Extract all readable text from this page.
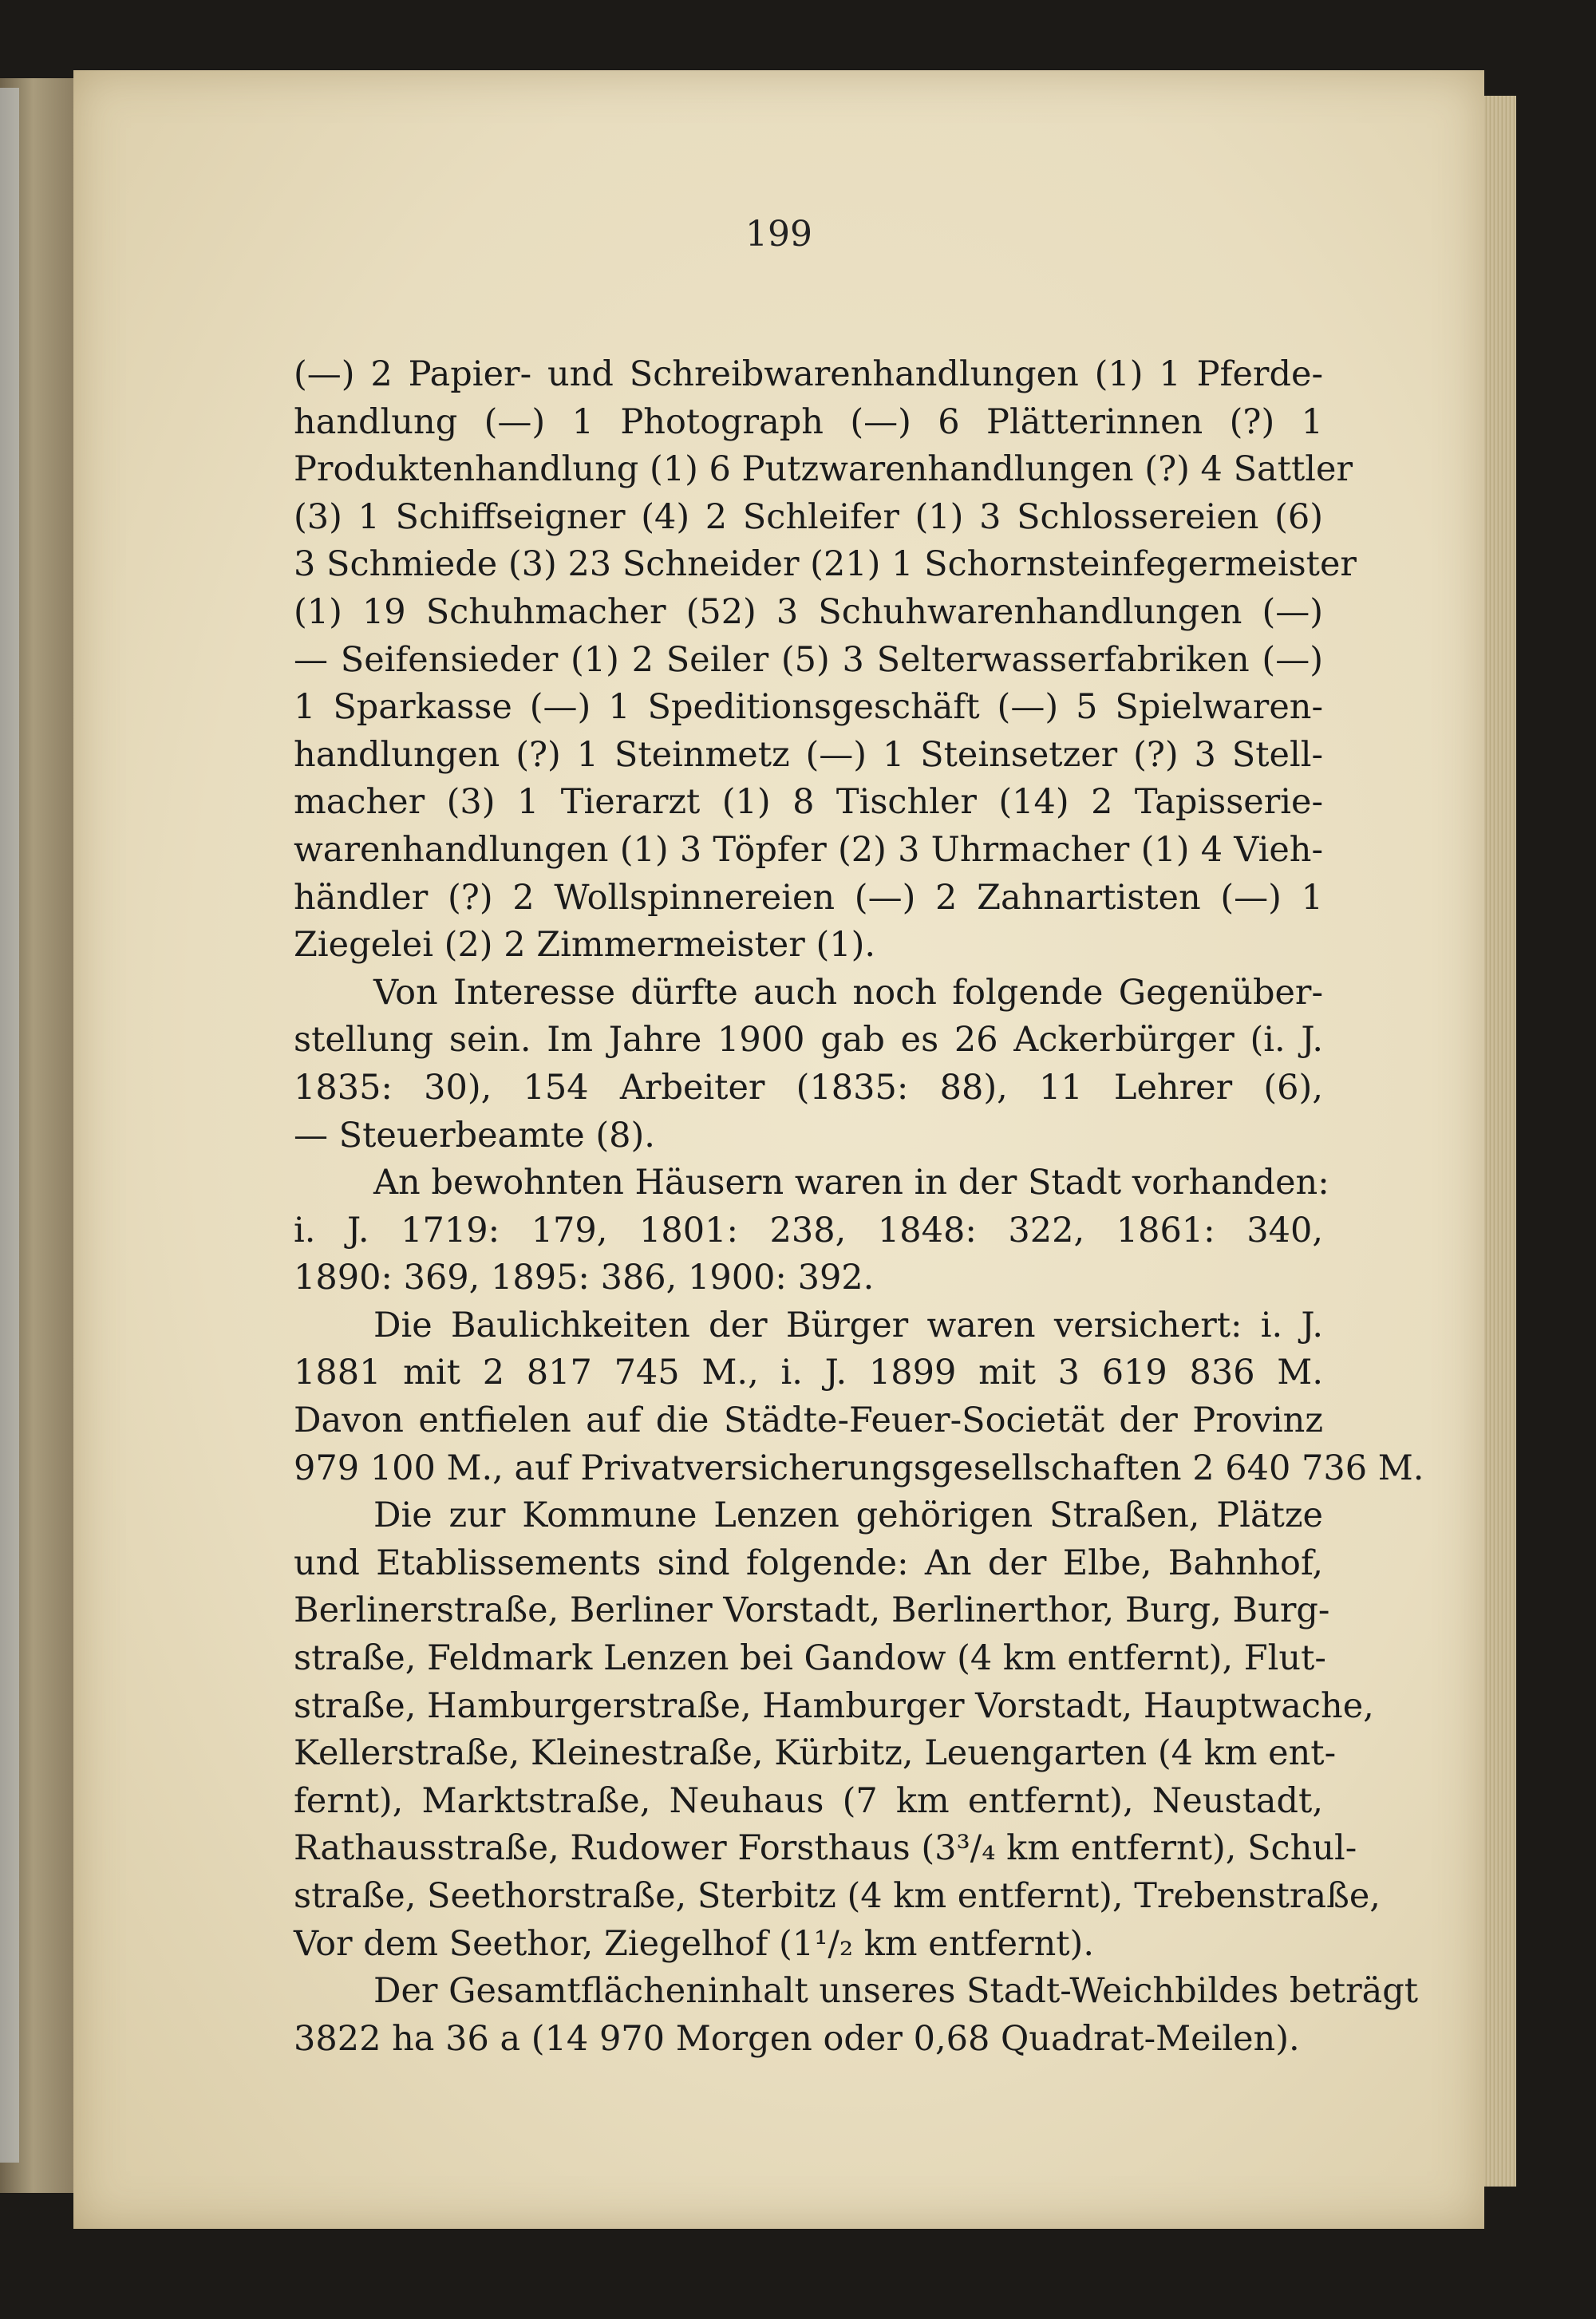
199
(—) 2 Papier- und Schreibwarenhandlungen (1) 1 Pferde-
handlung (—) 1 Photograph (—) 6 Plätterinnen (?) 1
Produktenhandlung (1) 6 Putzwarenhandlungen (?) 4 Sattler
(3) 1 Schiffseigner (4) 2 Schleifer (1) 3 Schlossereien (6)
3 Schmiede (3) 23 Schneider (21) 1 Schornsteinfegermeister
(1) 19 Schuhmacher (52) 3 Schuhwarenhandlungen (—)
— Seifensieder (1) 2 Seiler (5) 3 Selterwasserfabriken (—)
1 Sparkasse (—) 1 Speditionsgeschäft (—) 5 Spielwaren-
handlungen (?) 1 Steinmetz (—) 1 Steinsetzer (?) 3 Stell-
macher (3) 1 Tierarzt (1) 8 Tischler (14) 2 Tapisserie-
warenhandlungen (1) 3 Töpfer (2) 3 Uhrmacher (1) 4 Vieh-
händler (?) 2 Wollspinnereien (—) 2 Zahnartisten (—) 1
Ziegelei (2) 2 Zimmermeister (1).
Von Interesse dürfte auch noch folgende Gegenüber-
stellung sein. Im Jahre 1900 gab es 26 Ackerbürger (i. J.
1835: 30), 154 Arbeiter (1835: 88), 11 Lehrer (6),
— Steuerbeamte (8).
An bewohnten Häusern waren in der Stadt vorhanden:
i. J. 1719: 179, 1801: 238, 1848: 322, 1861: 340,
1890: 369, 1895: 386, 1900: 392.
Die Baulichkeiten der Bürger waren versichert: i. J.
1881 mit 2 817 745 M., i. J. 1899 mit 3 619 836 M.
Davon entfielen auf die Städte-Feuer-Societät der Provinz
979 100 M., auf Privatversicherungsgesellschaften 2 640 736 M.
Die zur Kommune Lenzen gehörigen Straßen, Plätze
und Etablissements sind folgende: An der Elbe, Bahnhof,
Berlinerstraße, Berliner Vorstadt, Berlinerthor, Burg, Burg-
straße, Feldmark Lenzen bei Gandow (4 km entfernt), Flut-
straße, Hamburgerstraße, Hamburger Vorstadt, Hauptwache,
Kellerstraße, Kleinestraße, Kürbitz, Leuengarten (4 km ent-
fernt), Marktstraße, Neuhaus (7 km entfernt), Neustadt,
Rathausstraße, Rudower Forsthaus (3³/₄ km entfernt), Schul-
straße, Seethorstraße, Sterbitz (4 km entfernt), Trebenstraße,
Vor dem Seethor, Ziegelhof (1¹/₂ km entfernt).
Der Gesamtflächeninhalt unseres Stadt-Weichbildes beträgt
3822 ha 36 a (14 970 Morgen oder 0,68 Quadrat-Meilen).
